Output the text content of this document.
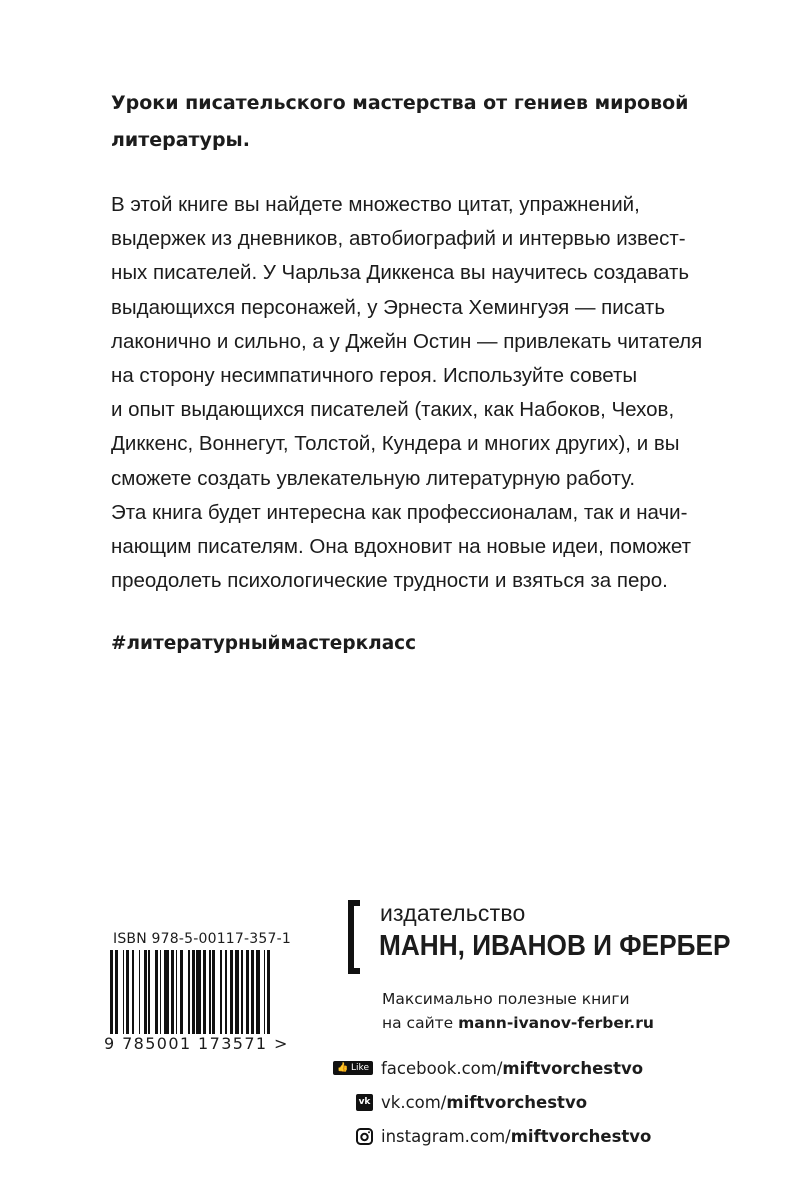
Уроки писательского мастерства от гениев мировой
литературы.

В этой книге вы найдете множество цитат, упражнений,
выдержек из дневников, автобиографий и интервью извест-
ных писателей. У Чарльза Диккенса вы научитесь создавать
выдающихся персонажей, у Эрнеста Хемингуэя — писать
лаконично и сильно, а у Джейн Остин — привлекать читателя
на сторону несимпатичного героя. Используйте советы
и опыт выдающихся писателей (таких, как Набоков, Чехов,
Диккенс, Воннегут, Толстой, Кундера и многих других), и вы
сможете создать увлекательную литературную работу.
Эта книга будет интересна как профессионалам, так и начи-
нающим писателям. Она вдохновит на новые идеи, поможет
преодолеть психологические трудности и взяться за перо.

#литературныймастеркласс

ISBN 978-5-00117-357-1
9 785001 173571 >
издательство
МАНН, ИВАНОВ И ФЕРБЕР
Максимально полезные книги
на сайте mann-ivanov-ferber.ru
👍 Like facebook.com/miftvorchestvo
vk vk.com/miftvorchestvo
instagram.com/miftvorchestvo
